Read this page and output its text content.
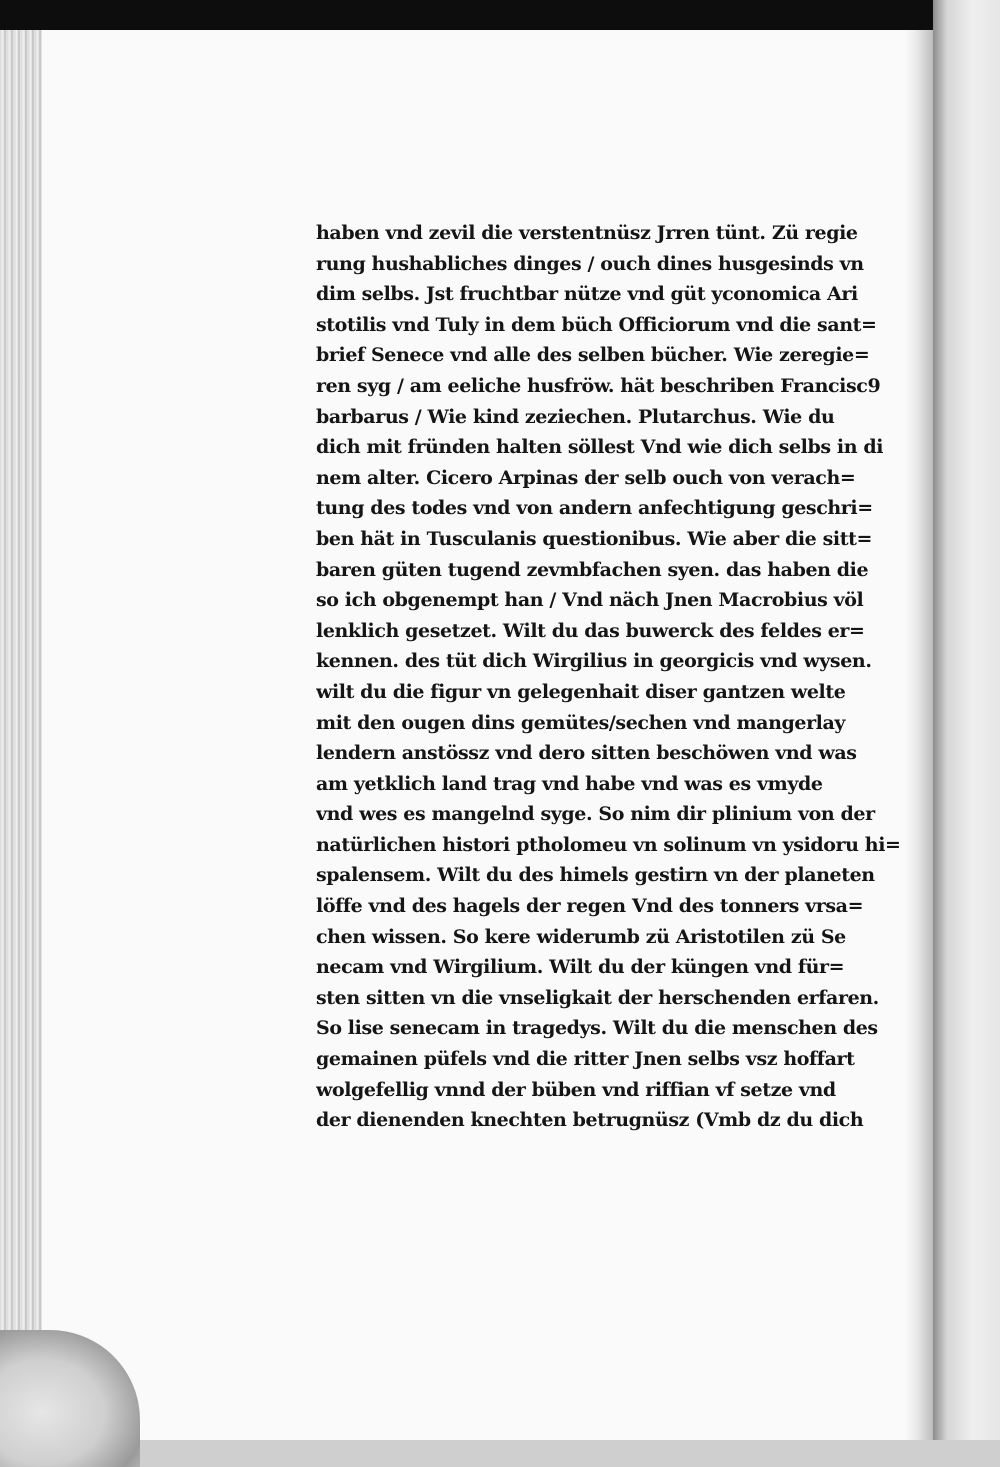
haben vnd zevil die verstentnüsz Jrren tünt. Zü regie
rung hushabliches dinges / ouch dines husgesinds vn
dim selbs. Jst fruchtbar nütze vnd güt yconomica Ari
stotilis vnd Tuly in dem büch Officiorum vnd die sant=
brief Senece vnd alle des selben bücher. Wie zeregie=
ren syg / am eeliche husfröw. hät beschriben Francisc9
barbarus / Wie kind zeziechen. Plutarchus. Wie du
dich mit fründen halten söllest Vnd wie dich selbs in di
nem alter. Cicero Arpinas der selb ouch von verach=
tung des todes vnd von andern anfechtigung geschri=
ben hät in Tusculanis questionibus. Wie aber die sitt=
baren güten tugend zevmbfachen syen. das haben die
so ich obgenempt han / Vnd näch Jnen Macrobius völ
lenklich gesetzet. Wilt du das buwerck des feldes er=
kennen. des tüt dich Wirgilius in georgicis vnd wysen.
wilt du die figur vn gelegenhait diser gantzen welte
mit den ougen dins gemütes/sechen vnd mangerlay
lendern anstössz vnd dero sitten beschöwen vnd was
am yetklich land trag vnd habe vnd was es vmyde
vnd wes es mangelnd syge. So nim dir plinium von der
natürlichen histori ptholomeu vn solinum vn ysidoru hi=
spalensem. Wilt du des himels gestirn vn der planeten
löffe vnd des hagels der regen Vnd des tonners vrsa=
chen wissen. So kere widerumb zü Aristotilen zü Se
necam vnd Wirgilium. Wilt du der küngen vnd für=
sten sitten vn die vnseligkait der herschenden erfaren.
So lise senecam in tragedys. Wilt du die menschen des
gemainen püfels vnd die ritter Jnen selbs vsz hoffart
wolgefellig vnnd der büben vnd riffian vf setze vnd
der dienenden knechten betrugnüsz (Vmb dz du dich
